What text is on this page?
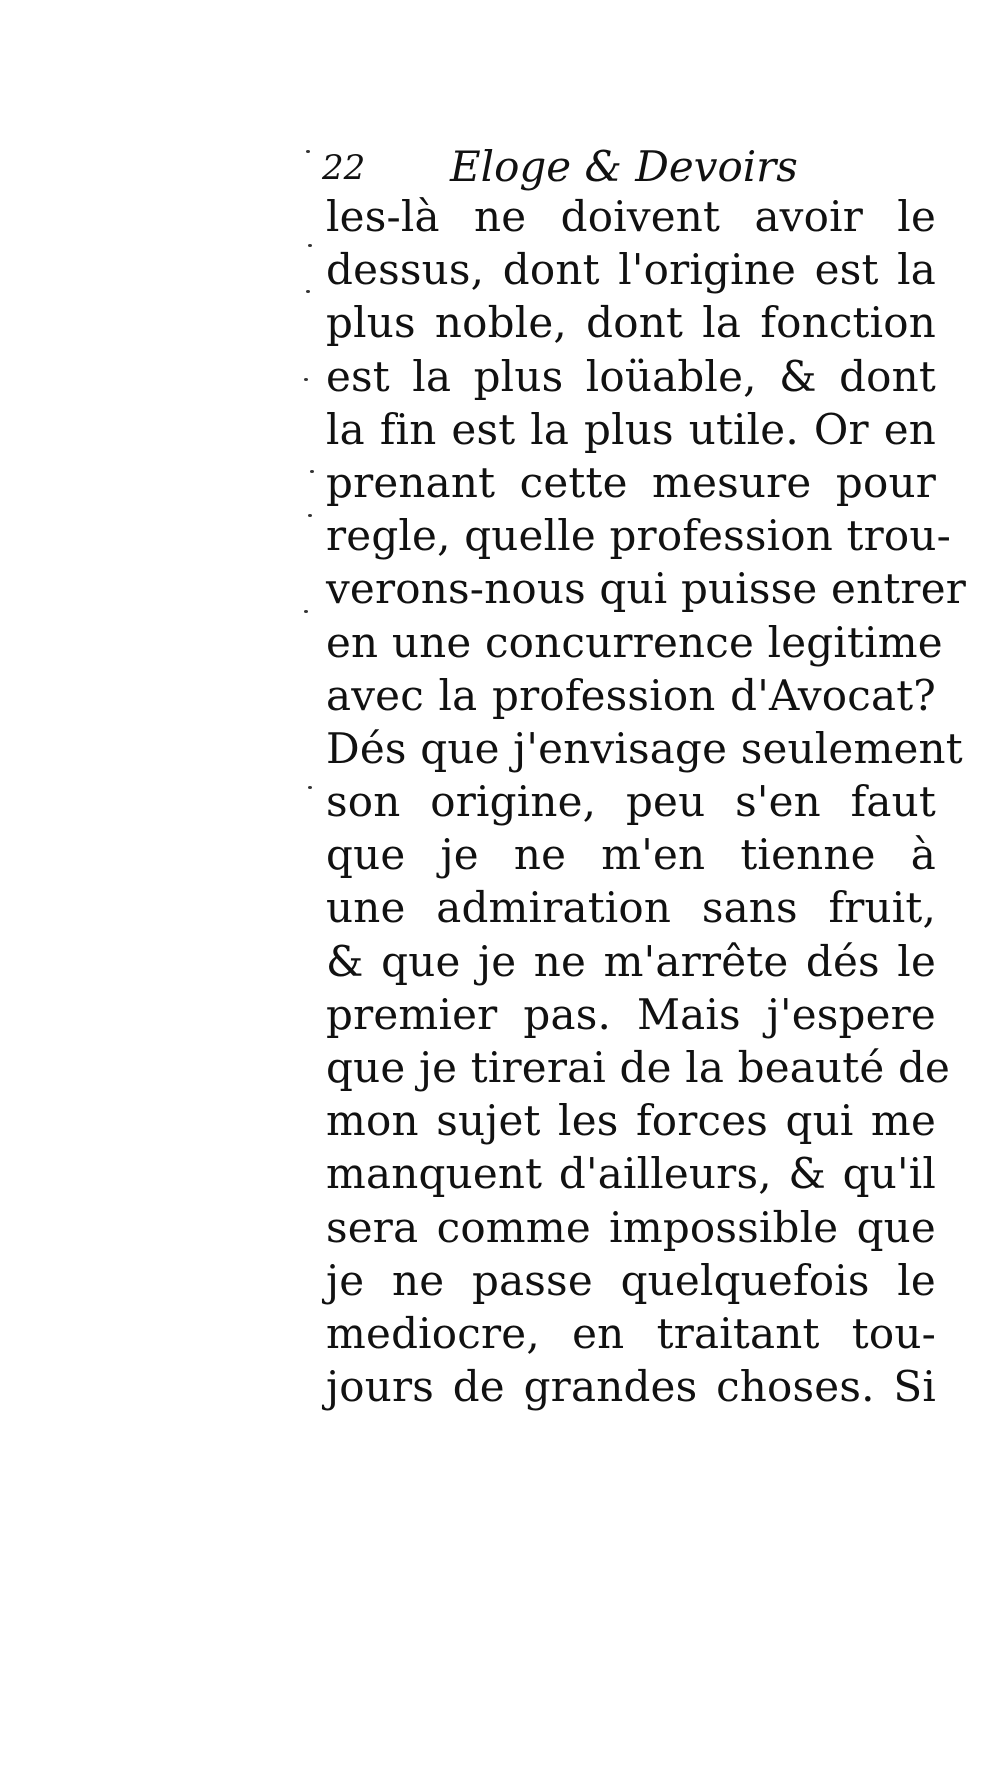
22 Eloge & Devoirs
les-là ne doivent avoir le
dessus, dont l'origine est la
plus noble, dont la fonction
est la plus loüable, & dont
la fin est la plus utile. Or en
prenant cette mesure pour
regle, quelle profession trou-
verons-nous qui puisse entrer
en une concurrence legitime
avec la profession d'Avocat?
Dés que j'envisage seulement
son origine, peu s'en faut
que je ne m'en tienne à
une admiration sans fruit,
& que je ne m'arrête dés le
premier pas. Mais j'espere
que je tirerai de la beauté de
mon sujet les forces qui me
manquent d'ailleurs, & qu'il
sera comme impossible que
je ne passe quelquefois le
mediocre, en traitant tou-
jours de grandes choses. Si
